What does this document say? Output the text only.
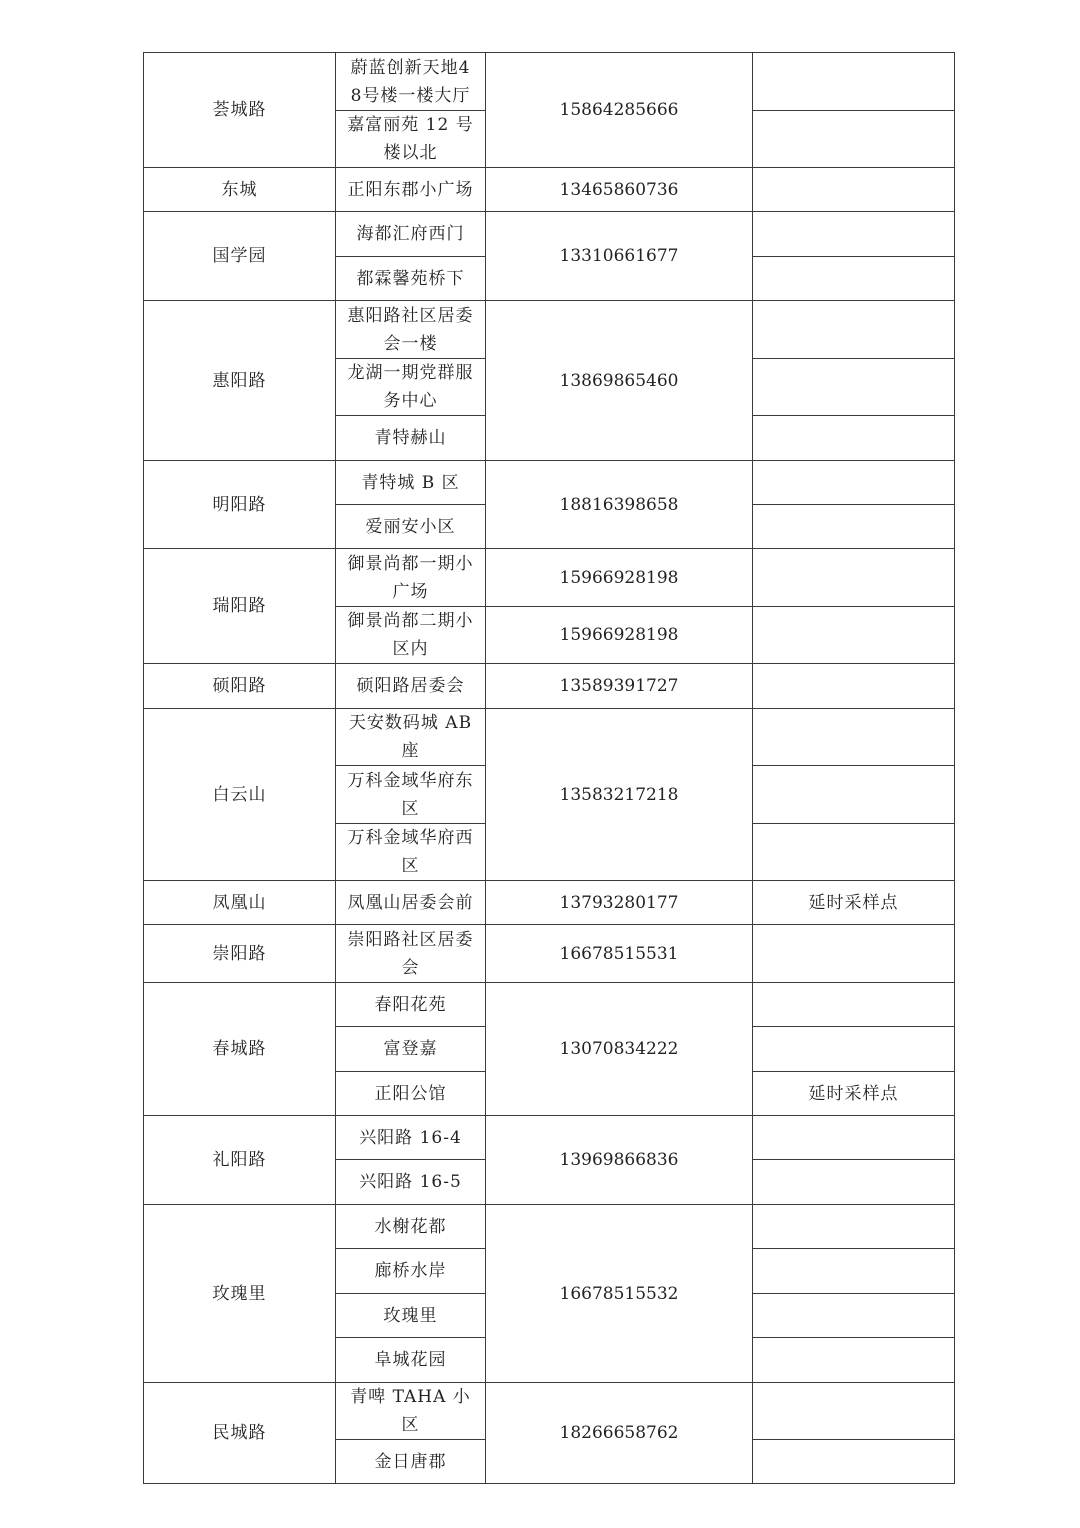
荟城路	蔚蓝创新天地48号楼一楼大厅	15864285666	
	嘉富丽苑 12 号楼以北		
东城	正阳东郡小广场	13465860736	
国学园	海都汇府西门	13310661677	
	都霖馨苑桥下		
惠阳路	惠阳路社区居委会一楼	13869865460	
	龙湖一期党群服务中心		
	青特赫山		
明阳路	青特城 B 区	18816398658	
	爱丽安小区		
瑞阳路	御景尚都一期小广场	15966928198	
	御景尚都二期小区内	15966928198	
硕阳路	硕阳路居委会	13589391727	
白云山	天安数码城 AB 座	13583217218	
	万科金域华府东区		
	万科金域华府西区		
凤凰山	凤凰山居委会前	13793280177	延时采样点
崇阳路	崇阳路社区居委会	16678515531	
春城路	春阳花苑	13070834222	
	富登嘉		
	正阳公馆		延时采样点
礼阳路	兴阳路 16-4	13969866836	
	兴阳路 16-5		
玫瑰里	水榭花都	16678515532	
	廊桥水岸		
	玫瑰里		
	阜城花园		
民城路	青啤 TAHA 小区	18266658762	
	金日唐郡		
